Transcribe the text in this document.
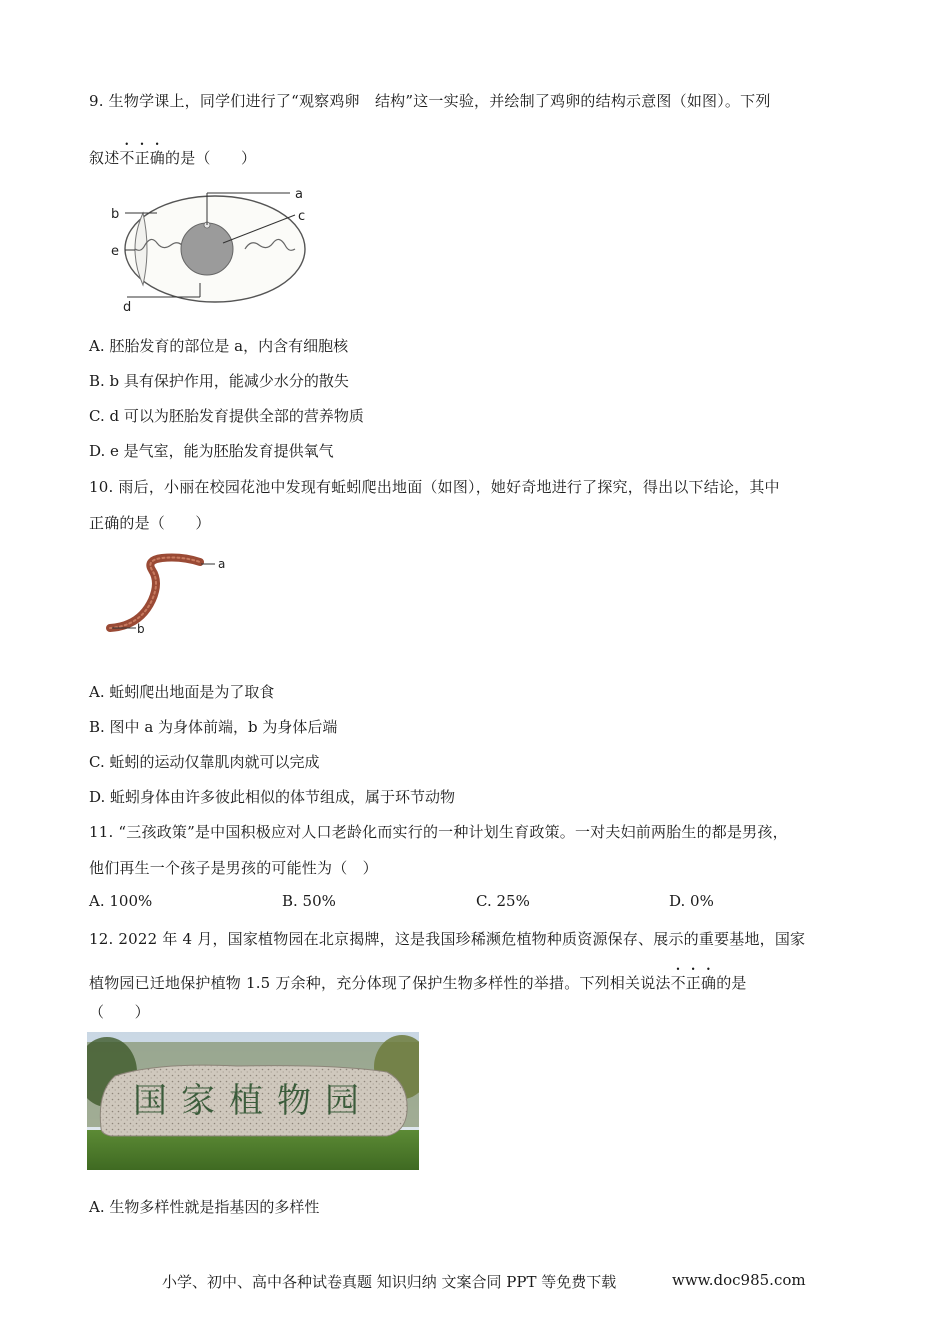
9. 生物学课上，同学们进行了“观察鸡卵　结构”这一实验，并绘制了鸡卵的结构示意图（如图）。下列
叙述不正确的是（　　）
a
c
b
e
d
A. 胚胎发育的部位是 a，内含有细胞核
B. b 具有保护作用，能减少水分的散失
C. d 可以为胚胎发育提供全部的营养物质
D. e 是气室，能为胚胎发育提供氧气
10. 雨后，小丽在校园花池中发现有蚯蚓爬出地面（如图），她好奇地进行了探究，得出以下结论，其中
正确的是（　　）
a
b
A. 蚯蚓爬出地面是为了取食
B. 图中 a 为身体前端，b 为身体后端
C. 蚯蚓的运动仅靠肌肉就可以完成
D. 蚯蚓身体由许多彼此相似的体节组成，属于环节动物
11. “三孩政策”是中国积极应对人口老龄化而实行的一种计划生育政策。一对夫妇前两胎生的都是男孩，
他们再生一个孩子是男孩的可能性为（　）
A. 100%	B. 50%	C. 25%	D. 0%
12. 2022 年 4 月，国家植物园在北京揭牌，这是我国珍稀濒危植物种质资源保存、展示的重要基地，国家
植物园已迁地保护植物 1.5 万余种，充分体现了保护生物多样性的举措。下列相关说法不正确的是
（　　）
国家植物园
A. 生物多样性就是指基因的多样性
小学、初中、高中各种试卷真题 知识归纳 文案合同 PPT 等免费下载	www.doc985.com
